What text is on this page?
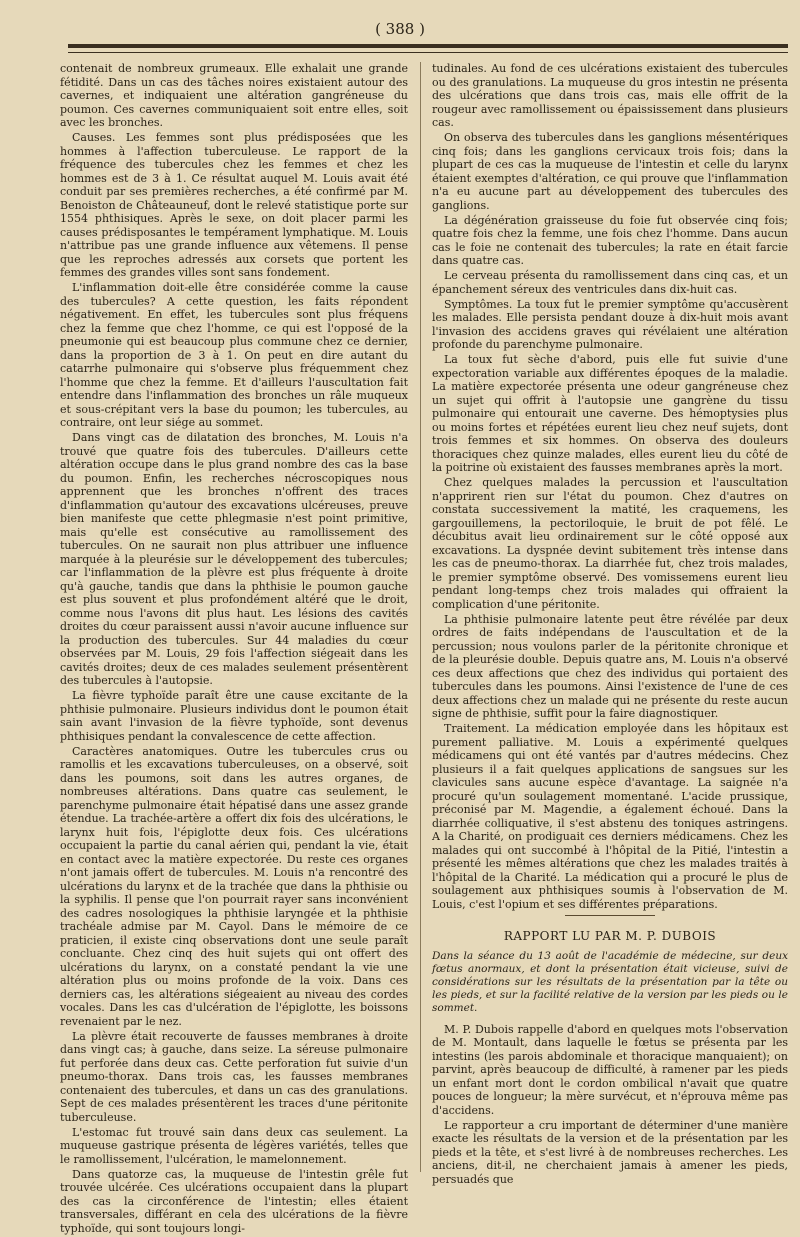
( 388 )

contenait de nombreux grumeaux. Elle exhalait une grande fétidité. Dans un cas des tâches noires existaient autour des cavernes, et indiquaient une altération gangréneuse du poumon. Ces cavernes communiquaient soit entre elles, soit avec les bronches.

Causes. Les femmes sont plus prédisposées que les hommes à l'affection tuberculeuse. Le rapport de la fréquence des tubercules chez les femmes et chez les hommes est de 3 à 1. Ce résultat auquel M. Louis avait été conduit par ses premières recherches, a été confirmé par M. Benoiston de Châteauneuf, dont le relevé statistique porte sur 1554 phthisiques. Après le sexe, on doit placer parmi les causes prédisposantes le tempérament lymphatique. M. Louis n'attribue pas une grande influence aux vêtemens. Il pense que les reproches adressés aux corsets que portent les femmes des grandes villes sont sans fondement.

L'inflammation doit-elle être considérée comme la cause des tubercules? A cette question, les faits répondent négativement. En effet, les tubercules sont plus fréquens chez la femme que chez l'homme, ce qui est l'opposé de la pneumonie qui est beaucoup plus commune chez ce dernier, dans la proportion de 3 à 1. On peut en dire autant du catarrhe pulmonaire qui s'observe plus fréquemment chez l'homme que chez la femme. Et d'ailleurs l'auscultation fait entendre dans l'inflammation des bronches un râle muqueux et sous-crépitant vers la base du poumon; les tubercules, au contraire, ont leur siége au sommet.

Dans vingt cas de dilatation des bronches, M. Louis n'a trouvé que quatre fois des tubercules. D'ailleurs cette altération occupe dans le plus grand nombre des cas la base du poumon. Enfin, les recherches nécroscopiques nous apprennent que les bronches n'offrent des traces d'inflammation qu'autour des excavations ulcéreuses, preuve bien manifeste que cette phlegmasie n'est point primitive, mais qu'elle est consécutive au ramollissement des tubercules. On ne saurait non plus attribuer une influence marquée à la pleurésie sur le développement des tubercules; car l'inflammation de la plèvre est plus fréquente à droite qu'à gauche, tandis que dans la phthisie le poumon gauche est plus souvent et plus profondément altéré que le droit, comme nous l'avons dit plus haut. Les lésions des cavités droites du cœur paraissent aussi n'avoir aucune influence sur la production des tubercules. Sur 44 maladies du cœur observées par M. Louis, 29 fois l'affection siégeait dans les cavités droites; deux de ces malades seulement présentèrent des tubercules à l'autopsie.

La fièvre typhoïde paraît être une cause excitante de la phthisie pulmonaire. Plusieurs individus dont le poumon était sain avant l'invasion de la fièvre typhoïde, sont devenus phthisiques pendant la convalescence de cette affection.

Caractères anatomiques. Outre les tubercules crus ou ramollis et les excavations tuberculeuses, on a observé, soit dans les poumons, soit dans les autres organes, de nombreuses altérations. Dans quatre cas seulement, le parenchyme pulmonaire était hépatisé dans une assez grande étendue. La trachée-artère a offert dix fois des ulcérations, le larynx huit fois, l'épiglotte deux fois. Ces ulcérations occupaient la partie du canal aérien qui, pendant la vie, était en contact avec la matière expectorée. Du reste ces organes n'ont jamais offert de tubercules. M. Louis n'a rencontré des ulcérations du larynx et de la trachée que dans la phthisie ou la syphilis. Il pense que l'on pourrait rayer sans inconvénient des cadres nosologiques la phthisie laryngée et la phthisie trachéale admise par M. Cayol. Dans le mémoire de ce praticien, il existe cinq observations dont une seule paraît concluante. Chez cinq des huit sujets qui ont offert des ulcérations du larynx, on a constaté pendant la vie une altération plus ou moins profonde de la voix. Dans ces derniers cas, les altérations siégeaient au niveau des cordes vocales. Dans les cas d'ulcération de l'épiglotte, les boissons revenaient par le nez.

La plèvre était recouverte de fausses membranes à droite dans vingt cas; à gauche, dans seize. La séreuse pulmonaire fut perforée dans deux cas. Cette perforation fut suivie d'un pneumo-thorax. Dans trois cas, les fausses membranes contenaient des tubercules, et dans un cas des granulations. Sept de ces malades présentèrent les traces d'une péritonite tuberculeuse.

L'estomac fut trouvé sain dans deux cas seulement. La muqueuse gastrique présenta de légères variétés, telles que le ramollissement, l'ulcération, le mamelonnement.

Dans quatorze cas, la muqueuse de l'intestin grêle fut trouvée ulcérée. Ces ulcérations occupaient dans la plupart des cas la circonférence de l'intestin; elles étaient transversales, différant en cela des ulcérations de la fièvre typhoïde, qui sont toujours longi-

tudinales. Au fond de ces ulcérations existaient des tubercules ou des granulations. La muqueuse du gros intestin ne présenta des ulcérations que dans trois cas, mais elle offrit de la rougeur avec ramollissement ou épaississement dans plusieurs cas.

On observa des tubercules dans les ganglions mésentériques cinq fois; dans les ganglions cervicaux trois fois; dans la plupart de ces cas la muqueuse de l'intestin et celle du larynx étaient exemptes d'altération, ce qui prouve que l'inflammation n'a eu aucune part au développement des tubercules des ganglions.

La dégénération graisseuse du foie fut observée cinq fois; quatre fois chez la femme, une fois chez l'homme. Dans aucun cas le foie ne contenait des tubercules; la rate en était farcie dans quatre cas.

Le cerveau présenta du ramollissement dans cinq cas, et un épanchement séreux des ventricules dans dix-huit cas.

Symptômes. La toux fut le premier symptôme qu'accusèrent les malades. Elle persista pendant douze à dix-huit mois avant l'invasion des accidens graves qui révélaient une altération profonde du parenchyme pulmonaire.

La toux fut sèche d'abord, puis elle fut suivie d'une expectoration variable aux différentes époques de la maladie. La matière expectorée présenta une odeur gangréneuse chez un sujet qui offrit à l'autopsie une gangrène du tissu pulmonaire qui entourait une caverne. Des hémoptysies plus ou moins fortes et répétées eurent lieu chez neuf sujets, dont trois femmes et six hommes. On observa des douleurs thoraciques chez quinze malades, elles eurent lieu du côté de la poitrine où existaient des fausses membranes après la mort.

Chez quelques malades la percussion et l'auscultation n'apprirent rien sur l'état du poumon. Chez d'autres on constata successivement la matité, les craquemens, les gargouillemens, la pectoriloquie, le bruit de pot fêlé. Le décubitus avait lieu ordinairement sur le côté opposé aux excavations. La dyspnée devint subitement très intense dans les cas de pneumo-thorax. La diarrhée fut, chez trois malades, le premier symptôme observé. Des vomissemens eurent lieu pendant long-temps chez trois malades qui offraient la complication d'une péritonite.

La phthisie pulmonaire latente peut être révélée par deux ordres de faits indépendans de l'auscultation et de la percussion; nous voulons parler de la péritonite chronique et de la pleurésie double. Depuis quatre ans, M. Louis n'a observé ces deux affections que chez des individus qui portaient des tubercules dans les poumons. Ainsi l'existence de l'une de ces deux affections chez un malade qui ne présente du reste aucun signe de phthisie, suffit pour la faire diagnostiquer.

Traitement. La médication employée dans les hôpitaux est purement palliative. M. Louis a expérimenté quelques médicamens qui ont été vantés par d'autres médecins. Chez plusieurs il a fait quelques applications de sangsues sur les clavicules sans aucune espèce d'avantage. La saignée n'a procuré qu'un soulagement momentané. L'acide prussique, préconisé par M. Magendie, a également échoué. Dans la diarrhée colliquative, il s'est abstenu des toniques astringens. A la Charité, on prodiguait ces derniers médicamens. Chez les malades qui ont succombé à l'hôpital de la Pitié, l'intestin a présenté les mêmes altérations que chez les malades traités à l'hôpital de la Charité. La médication qui a procuré le plus de soulagement aux phthisiques soumis à l'observation de M. Louis, c'est l'opium et ses différentes préparations.

RAPPORT LU PAR M. P. DUBOIS
Dans la séance du 13 août de l'académie de médecine, sur deux fœtus anormaux, et dont la présentation était vicieuse, suivi de considérations sur les résultats de la présentation par la tête ou les pieds, et sur la facilité relative de la version par les pieds ou le sommet.

M. P. Dubois rappelle d'abord en quelques mots l'observation de M. Montault, dans laquelle le fœtus se présenta par les intestins (les parois abdominale et thoracique manquaient); on parvint, après beaucoup de difficulté, à ramener par les pieds un enfant mort dont le cordon ombilical n'avait que quatre pouces de longueur; la mère survécut, et n'éprouva même pas d'accidens.

Le rapporteur a cru important de déterminer d'une manière exacte les résultats de la version et de la présentation par les pieds et la tête, et s'est livré à de nombreuses recherches. Les anciens, dit-il, ne cherchaient jamais à amener les pieds, persuadés que
